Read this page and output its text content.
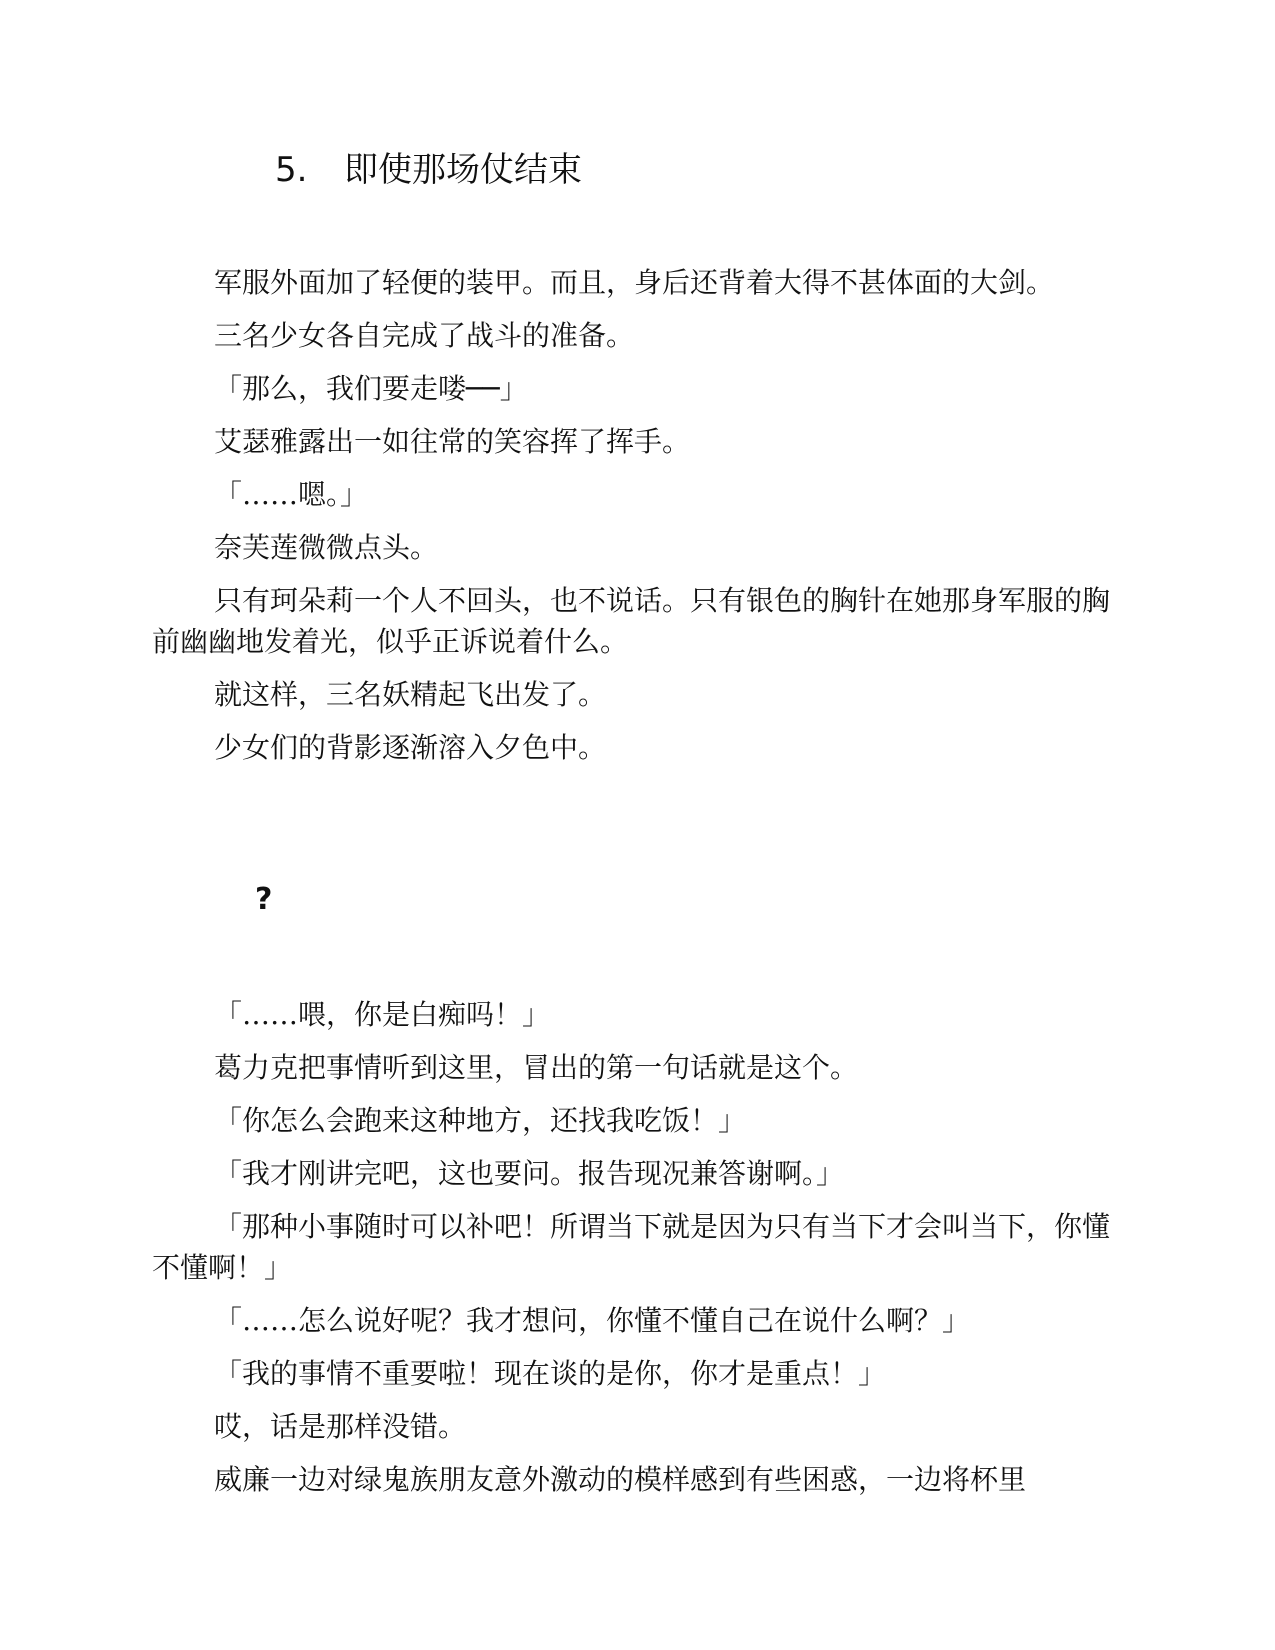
5. 即使那场仗结束

军服外面加了轻便的装甲。而且，身后还背着大得不甚体面的大剑。

三名少女各自完成了战斗的准备。

「那么，我们要走喽──」

艾瑟雅露出一如往常的笑容挥了挥手。

「……嗯。」

奈芙莲微微点头。

只有珂朵莉一个人不回头，也不说话。只有银色的胸针在她那身军服的胸前幽幽地发着光，似乎正诉说着什么。

就这样，三名妖精起飞出发了。

少女们的背影逐渐溶入夕色中。

?

「……喂，你是白痴吗！」

葛力克把事情听到这里，冒出的第一句话就是这个。

「你怎么会跑来这种地方，还找我吃饭！」

「我才刚讲完吧，这也要问。报告现况兼答谢啊。」

「那种小事随时可以补吧！所谓当下就是因为只有当下才会叫当下，你懂不懂啊！」

「……怎么说好呢？我才想问，你懂不懂自己在说什么啊？」

「我的事情不重要啦！现在谈的是你，你才是重点！」

哎，话是那样没错。

威廉一边对绿鬼族朋友意外激动的模样感到有些困惑，一边将杯里
